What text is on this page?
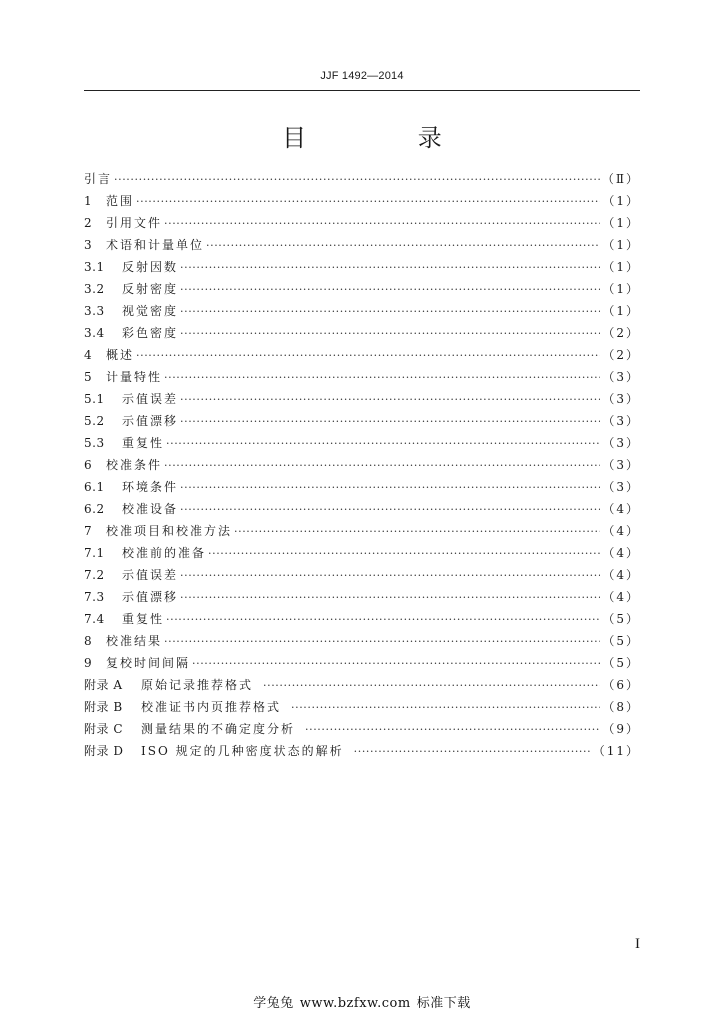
JJF 1492—2014
目 录
引言 ·····	（Ⅱ）
1	范围 ·····	（1）
2	引用文件 ·····	（1）
3	术语和计量单位 ·····	（1）
3.1	反射因数 ·····	（1）
3.2	反射密度 ·····	（1）
3.3	视觉密度 ·····	（1）
3.4	彩色密度 ·····	（2）
4	概述 ·····	（2）
5	计量特性 ·····	（3）
5.1	示值误差 ·····	（3）
5.2	示值漂移 ·····	（3）
5.3	重复性 ·····	（3）
6	校准条件 ·····	（3）
6.1	环境条件 ·····	（3）
6.2	校准设备 ·····	（4）
7	校准项目和校准方法 ·····	（4）
7.1	校准前的准备 ·····	（4）
7.2	示值误差 ·····	（4）
7.3	示值漂移 ·····	（4）
7.4	重复性 ·····	（5）
8	校准结果 ·····	（5）
9	复校时间间隔 ·····	（5）
附录 A	原始记录推荐格式 ·····	（6）
附录 B	校准证书内页推荐格式 ·····	（8）
附录 C	测量结果的不确定度分析 ·····	（9）
附录 D	ISO 规定的几种密度状态的解析 ·····	（11）
I
学兔兔 www.bzfxw.com 标准下载
